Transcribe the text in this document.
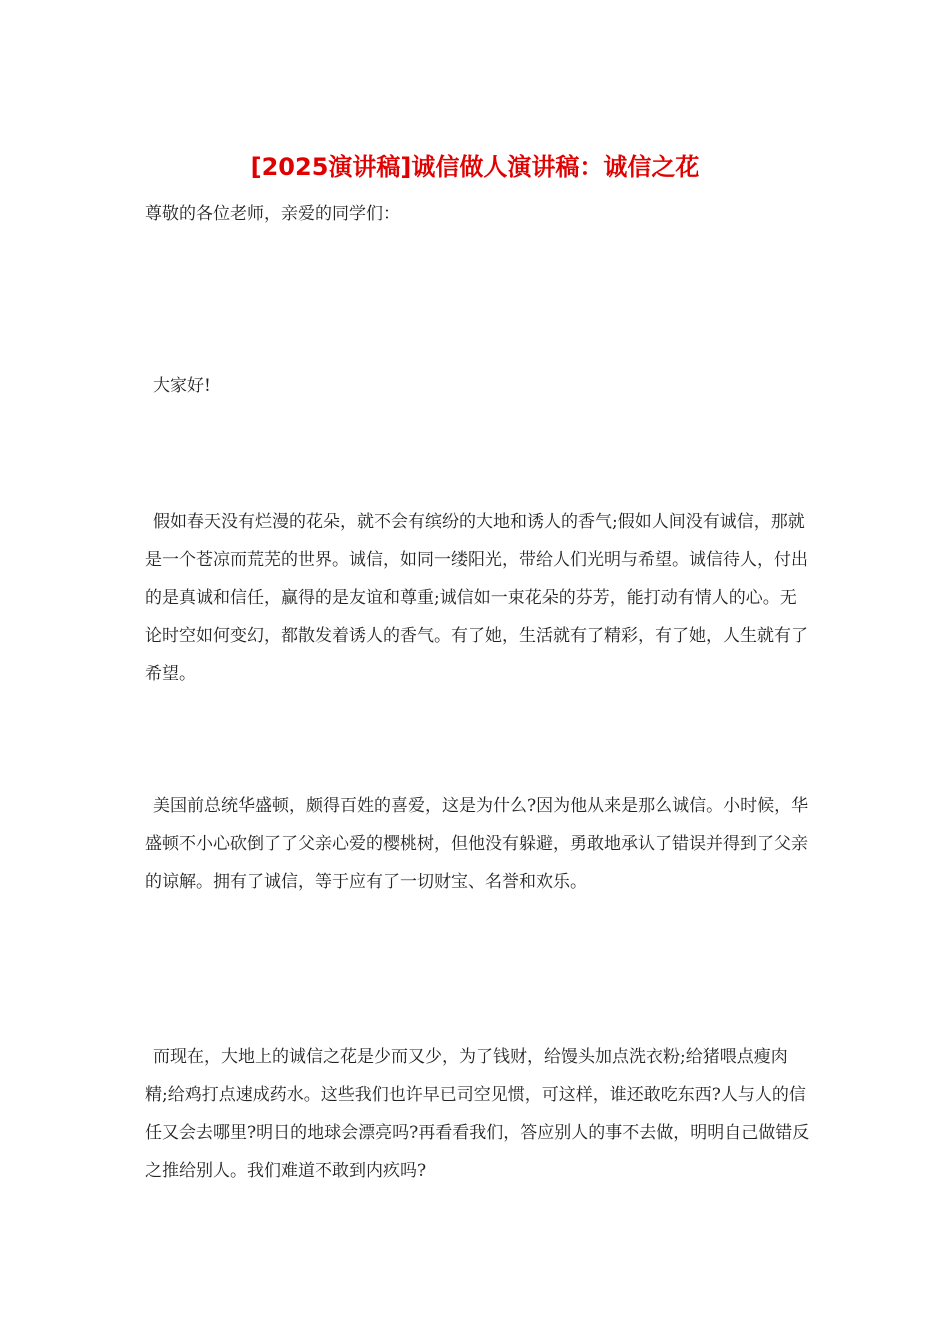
[2025演讲稿]诚信做人演讲稿：诚信之花

尊敬的各位老师，亲爱的同学们：

大家好!

假如春天没有烂漫的花朵，就不会有缤纷的大地和诱人的香气;假如人间没有诚信，那就是一个苍凉而荒芜的世界。诚信，如同一缕阳光，带给人们光明与希望。诚信待人，付出的是真诚和信任，赢得的是友谊和尊重;诚信如一束花朵的芬芳，能打动有情人的心。无论时空如何变幻，都散发着诱人的香气。有了她，生活就有了精彩，有了她，人生就有了希望。

美国前总统华盛顿，颇得百姓的喜爱，这是为什么?因为他从来是那么诚信。小时候，华盛顿不小心砍倒了了父亲心爱的樱桃树，但他没有躲避，勇敢地承认了错误并得到了父亲的谅解。拥有了诚信，等于应有了一切财宝、名誉和欢乐。

而现在，大地上的诚信之花是少而又少，为了钱财，给馒头加点洗衣粉;给猪喂点瘦肉精;给鸡打点速成药水。这些我们也许早已司空见惯，可这样，谁还敢吃东西?人与人的信任又会去哪里?明日的地球会漂亮吗?再看看我们，答应别人的事不去做，明明自己做错反之推给别人。我们难道不敢到内疚吗?
